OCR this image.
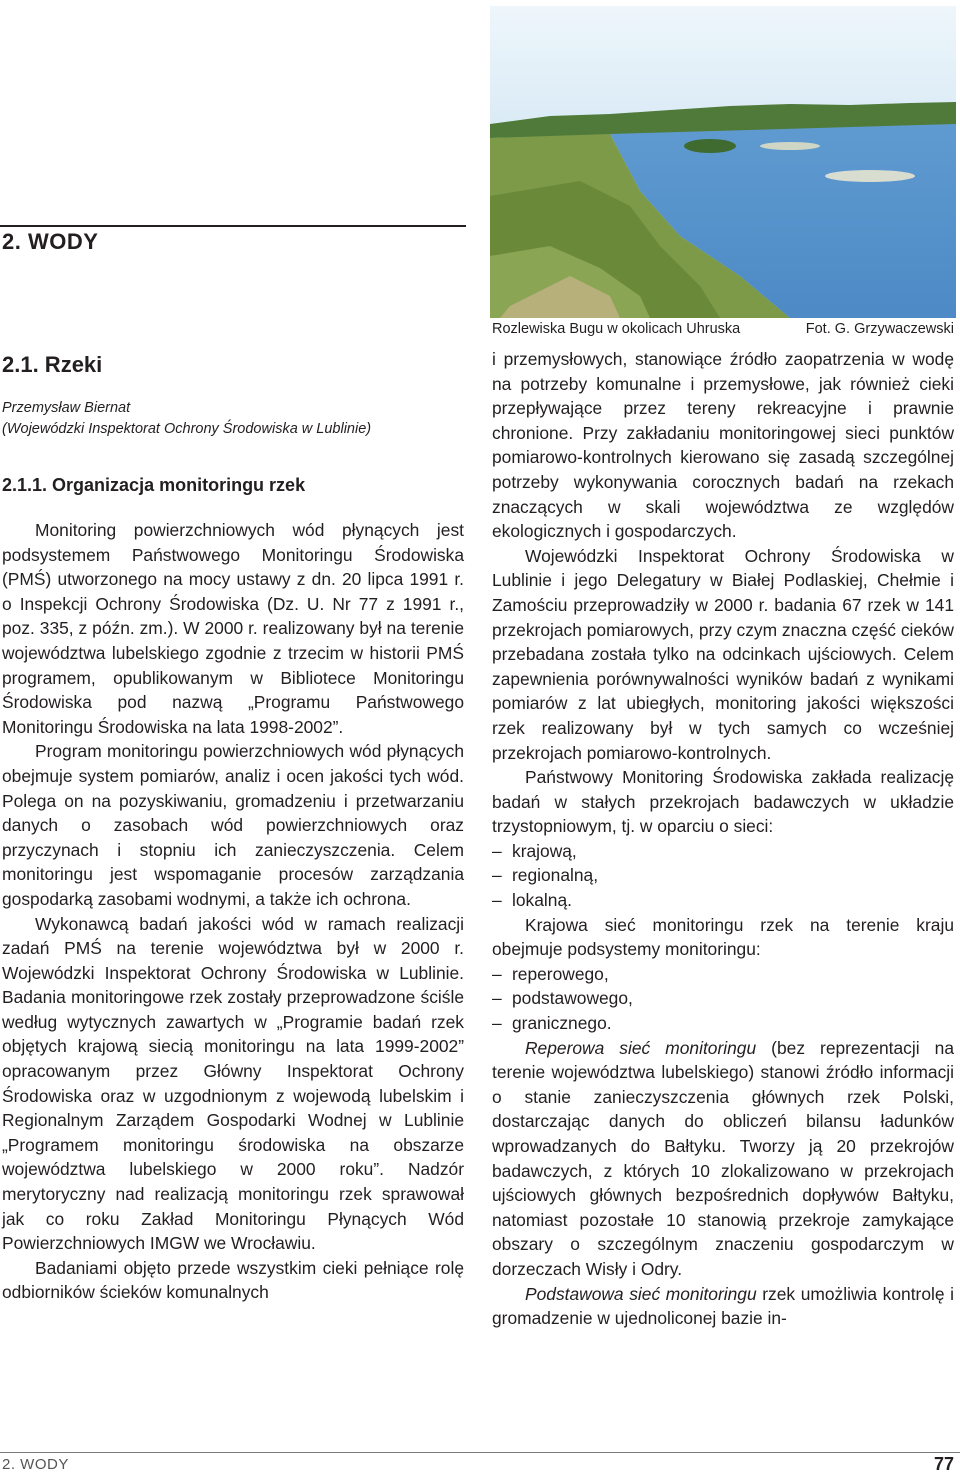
Rozlewiska Bugu w okolicach Uhruska	Fot. G. Grzywaczewski
2. WODY
2.1. Rzeki
Przemysław Biernat
(Wojewódzki Inspektorat Ochrony Środowiska w Lublinie)
2.1.1. Organizacja monitoringu rzek

Monitoring powierzchniowych wód płynących jest podsystemem Państwowego Monitoringu Środowiska (PMŚ) utworzonego na mocy ustawy z dn. 20 lipca 1991 r. o Inspekcji Ochrony Środowiska (Dz. U. Nr 77 z 1991 r., poz. 335, z późn. zm.). W 2000 r. realizowany był na terenie województwa lubelskiego zgodnie z trzecim w historii PMŚ programem, opublikowanym w Bibliotece Monitoringu Środowiska pod nazwą „Programu Państwowego Monitoringu Środowiska na lata 1998-2002”.

Program monitoringu powierzchniowych wód płynących obejmuje system pomiarów, analiz i ocen jakości tych wód. Polega on na pozyskiwaniu, gromadzeniu i przetwarzaniu danych o zasobach wód powierzchniowych oraz przyczynach i stopniu ich zanieczyszczenia. Celem monitoringu jest wspomaganie procesów zarządzania gospodarką zasobami wodnymi, a także ich ochrona.

Wykonawcą badań jakości wód w ramach realizacji zadań PMŚ na terenie województwa był w 2000 r. Wojewódzki Inspektorat Ochrony Środowiska w Lublinie. Badania monitoringowe rzek zostały przeprowadzone ściśle według wytycznych zawartych w „Programie badań rzek objętych krajową siecią monitoringu na lata 1999-2002” opracowanym przez Główny Inspektorat Ochrony Środowiska oraz w uzgodnionym z wojewodą lubelskim i Regionalnym Zarządem Gospodarki Wodnej w Lublinie „Programem monitoringu środowiska na obszarze województwa lubelskiego w 2000 roku”. Nadzór merytoryczny nad realizacją monitoringu rzek sprawował jak co roku Zakład Monitoringu Płynących Wód Powierzchniowych IMGW we Wrocławiu.

Badaniami objęto przede wszystkim cieki pełniące rolę odbiorników ścieków komunalnych

i przemysłowych, stanowiące źródło zaopatrzenia w wodę na potrzeby komunalne i przemysłowe, jak również cieki przepływające przez tereny rekreacyjne i prawnie chronione. Przy zakładaniu monitoringowej sieci punktów pomiarowo-kontrolnych kierowano się zasadą szczególnej potrzeby wykonywania corocznych badań na rzekach znaczących w skali województwa ze względów ekologicznych i gospodarczych.

Wojewódzki Inspektorat Ochrony Środowiska w Lublinie i jego Delegatury w Białej Podlaskiej, Chełmie i Zamościu przeprowadziły w 2000 r. badania 67 rzek w 141 przekrojach pomiarowych, przy czym znaczna część cieków przebadana została tylko na odcinkach ujściowych. Celem zapewnienia porównywalności wyników badań z wynikami pomiarów z lat ubiegłych, monitoring jakości większości rzek realizowany był w tych samych co wcześniej przekrojach pomiarowo-kontrolnych.

Państwowy Monitoring Środowiska zakłada realizację badań w stałych przekrojach badawczych w układzie trzystopniowym, tj. w oparciu o sieci:

– krajową,
– regionalną,
– lokalną.

Krajowa sieć monitoringu rzek na terenie kraju obejmuje podsystemy monitoringu:

– reperowego,
– podstawowego,
– granicznego.

Reperowa sieć monitoringu (bez reprezentacji na terenie województwa lubelskiego) stanowi źródło informacji o stanie zanieczyszczenia głównych rzek Polski, dostarczając danych do obliczeń bilansu ładunków wprowadzanych do Bałtyku. Tworzy ją 20 przekrojów badawczych, z których 10 zlokalizowano w przekrojach ujściowych głównych bezpośrednich dopływów Bałtyku, natomiast pozostałe 10 stanowią przekroje zamykające obszary o szczególnym znaczeniu gospodarczym w dorzeczach Wisły i Odry.

Podstawowa sieć monitoringu rzek umożliwia kontrolę i gromadzenie w ujednoliconej bazie in-

2. WODY	77
